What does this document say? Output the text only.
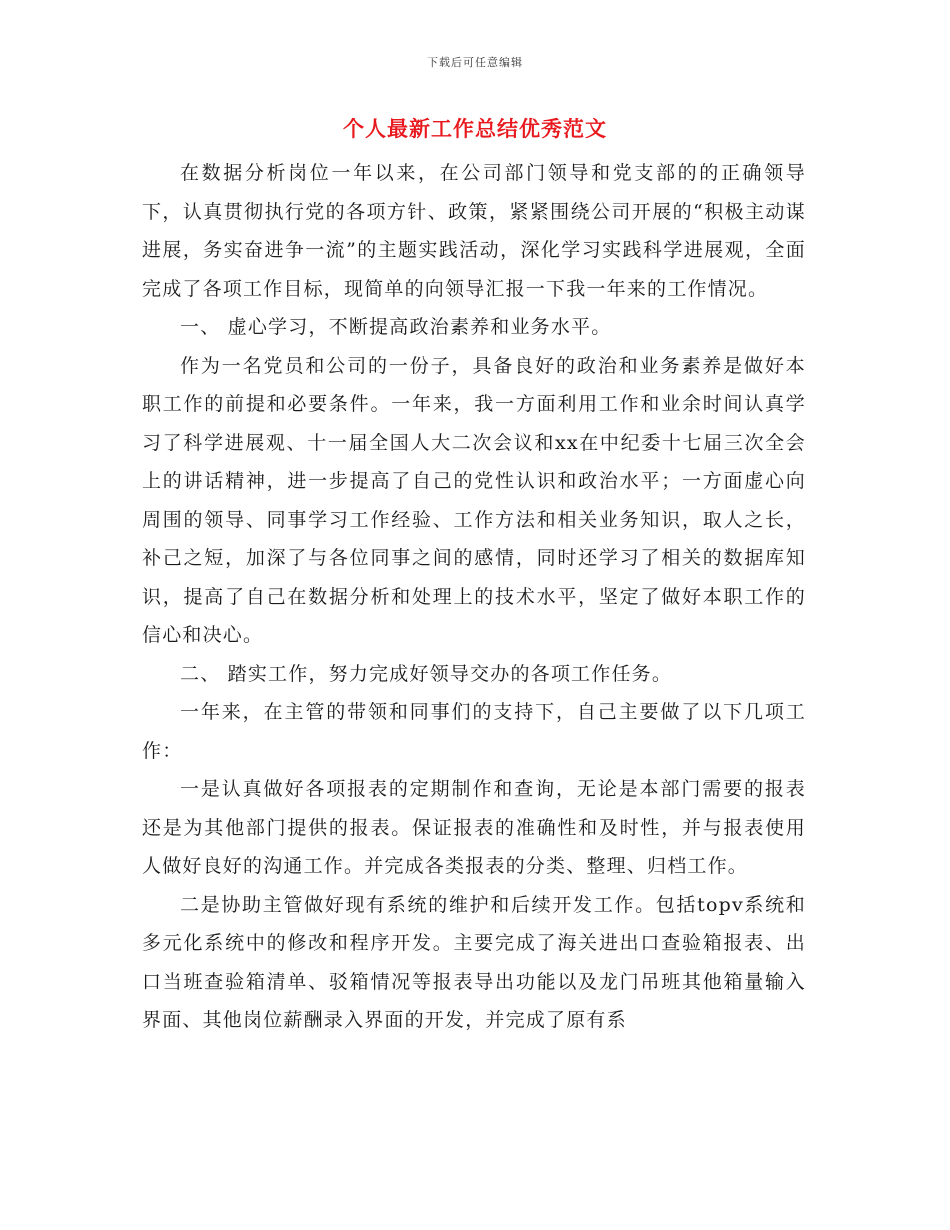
下载后可任意编辑
个人最新工作总结优秀范文

在数据分析岗位一年以来，在公司部门领导和党支部的的正确领导下，认真贯彻执行党的各项方针、政策，紧紧围绕公司开展的“积极主动谋进展，务实奋进争一流”的主题实践活动，深化学习实践科学进展观，全面完成了各项工作目标，现简单的向领导汇报一下我一年来的工作情况。

一、 虚心学习，不断提高政治素养和业务水平。

作为一名党员和公司的一份子，具备良好的政治和业务素养是做好本职工作的前提和必要条件。一年来，我一方面利用工作和业余时间认真学习了科学进展观、十一届全国人大二次会议和xx在中纪委十七届三次全会上的讲话精神，进一步提高了自己的党性认识和政治水平；一方面虚心向周围的领导、同事学习工作经验、工作方法和相关业务知识，取人之长，补己之短，加深了与各位同事之间的感情，同时还学习了相关的数据库知识，提高了自己在数据分析和处理上的技术水平，坚定了做好本职工作的信心和决心。

二、 踏实工作，努力完成好领导交办的各项工作任务。

一年来，在主管的带领和同事们的支持下，自己主要做了以下几项工作：

一是认真做好各项报表的定期制作和查询，无论是本部门需要的报表还是为其他部门提供的报表。保证报表的准确性和及时性，并与报表使用人做好良好的沟通工作。并完成各类报表的分类、整理、归档工作。

二是协助主管做好现有系统的维护和后续开发工作。包括topv系统和多元化系统中的修改和程序开发。主要完成了海关进出口查验箱报表、出口当班查验箱清单、驳箱情况等报表导出功能以及龙门吊班其他箱量输入界面、其他岗位薪酬录入界面的开发，并完成了原有系
